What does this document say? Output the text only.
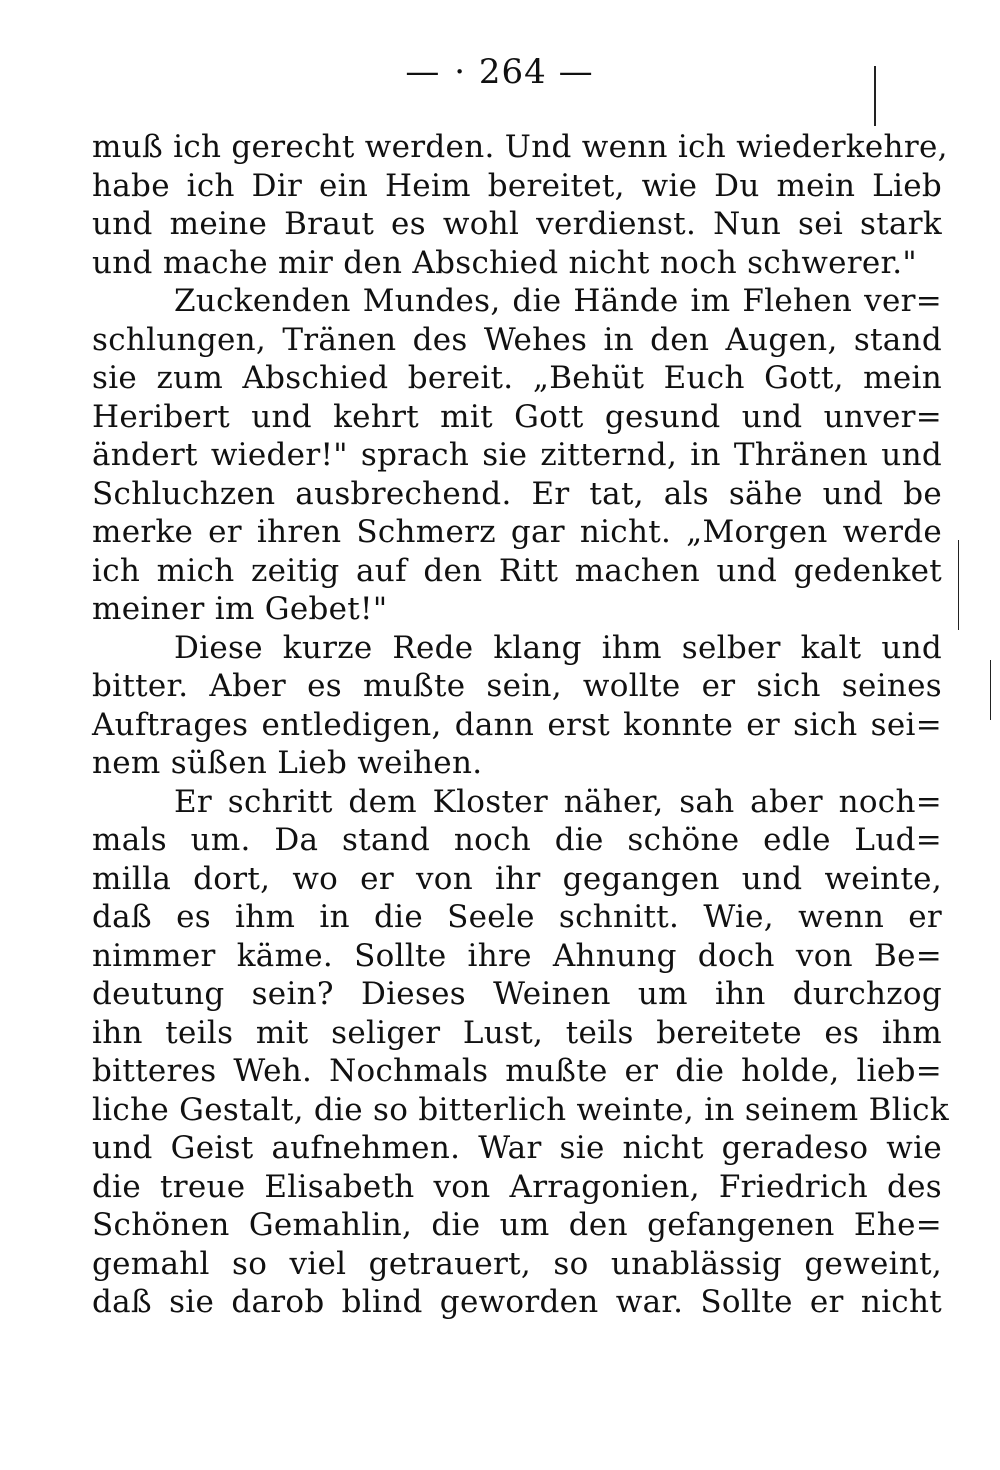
— · 264 —
muß ich gerecht werden. Und wenn ich wiederkehre,
habe ich Dir ein Heim bereitet, wie Du mein Lieb
und meine Braut es wohl verdienst. Nun sei stark
und mache mir den Abschied nicht noch schwerer."
Zuckenden Mundes, die Hände im Flehen ver=
schlungen, Tränen des Wehes in den Augen, stand
sie zum Abschied bereit. „Behüt Euch Gott, mein
Heribert und kehrt mit Gott gesund und unver=
ändert wieder!" sprach sie zitternd, in Thränen und
Schluchzen ausbrechend. Er tat, als sähe und be
merke er ihren Schmerz gar nicht. „Morgen werde
ich mich zeitig auf den Ritt machen und gedenket
meiner im Gebet!"
Diese kurze Rede klang ihm selber kalt und
bitter. Aber es mußte sein, wollte er sich seines
Auftrages entledigen, dann erst konnte er sich sei=
nem süßen Lieb weihen.
Er schritt dem Kloster näher, sah aber noch=
mals um. Da stand noch die schöne edle Lud=
milla dort, wo er von ihr gegangen und weinte,
daß es ihm in die Seele schnitt. Wie, wenn er
nimmer käme. Sollte ihre Ahnung doch von Be=
deutung sein? Dieses Weinen um ihn durchzog
ihn teils mit seliger Lust, teils bereitete es ihm
bitteres Weh. Nochmals mußte er die holde, lieb=
liche Gestalt, die so bitterlich weinte, in seinem Blick
und Geist aufnehmen. War sie nicht geradeso wie
die treue Elisabeth von Arragonien, Friedrich des
Schönen Gemahlin, die um den gefangenen Ehe=
gemahl so viel getrauert, so unablässig geweint,
daß sie darob blind geworden war. Sollte er nicht
